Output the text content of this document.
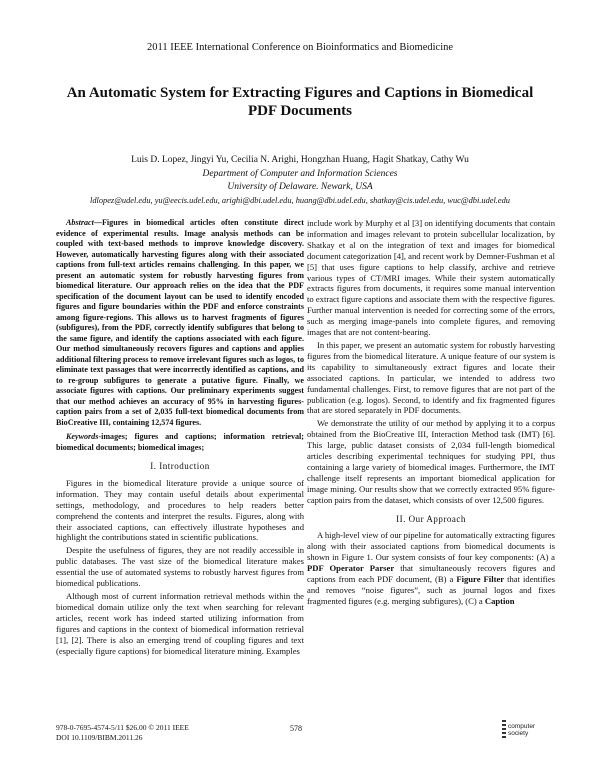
2011 IEEE International Conference on Bioinformatics and Biomedicine
An Automatic System for Extracting Figures and Captions in Biomedical PDF Documents
Luis D. Lopez, Jingyi Yu, Cecilia N. Arighi, Hongzhan Huang, Hagit Shatkay, Cathy Wu
Department of Computer and Information Sciences
University of Delaware. Newark, USA
ldlopez@udel.edu, yu@eecis.udel.edu, arighi@dbi.udel.edu, huang@dbi.udel.edu, shatkay@cis.udel.edu, wuc@dbi.udel.edu

Abstract—Figures in biomedical articles often constitute direct evidence of experimental results. Image analysis methods can be coupled with text-based methods to improve knowledge discovery. However, automatically harvesting figures along with their associated captions from full-text articles remains challenging. In this paper, we present an automatic system for robustly harvesting figures from biomedical literature. Our approach relies on the idea that the PDF specification of the document layout can be used to identify encoded figures and figure boundaries within the PDF and enforce constraints among figure-regions. This allows us to harvest fragments of figures (subfigures), from the PDF, correctly identify subfigures that belong to the same figure, and identify the captions associated with each figure. Our method simultaneously recovers figures and captions and applies additional filtering process to remove irrelevant figures such as logos, to eliminate text passages that were incorrectly identified as captions, and to re-group subfigures to generate a putative figure. Finally, we associate figures with captions. Our preliminary experiments suggest that our method achieves an accuracy of 95% in harvesting figures-caption pairs from a set of 2,035 full-text biomedical documents from BioCreative III, containing 12,574 figures.

Keywords-images; figures and captions; information retrieval; biomedical documents; biomedical images;

I. Introduction

Figures in the biomedical literature provide a unique source of information. They may contain useful details about experimental settings, methodology, and procedures to help readers better comprehend the contents and interpret the results. Figures, along with their associated captions, can effectively illustrate hypotheses and highlight the contributions stated in scientific publications.

Despite the usefulness of figures, they are not readily accessible in public databases. The vast size of the biomedical literature makes essential the use of automated systems to robustly harvest figures from biomedical publications.

Although most of current information retrieval methods within the biomedical domain utilize only the text when searching for relevant articles, recent work has indeed started utilizing information from figures and captions in the context of biomedical information retrieval [1], [2]. There is also an emerging trend of coupling figures and text (especially figure captions) for biomedical literature mining. Examples

include work by Murphy et al [3] on identifying documents that contain information and images relevant to protein subcellular localization, by Shatkay et al on the integration of text and images for biomedical document categorization [4], and recent work by Demner-Fushman et al [5] that uses figure captions to help classify, archive and retrieve various types of CT/MRI images. While their system automatically extracts figures from documents, it requires some manual intervention to extract figure captions and associate them with the respective figures. Further manual intervention is needed for correcting some of the errors, such as merging image-panels into complete figures, and removing images that are not content-bearing.

In this paper, we present an automatic system for robustly harvesting figures from the biomedical literature. A unique feature of our system is its capability to simultaneously extract figures and locate their associated captions. In particular, we intended to address two fundamental challenges. First, to remove figures that are not part of the publication (e.g. logos). Second, to identify and fix fragmented figures that are stored separately in PDF documents.

We demonstrate the utility of our method by applying it to a corpus obtained from the BioCreative III, Interaction Method task (IMT) [6]. This large, public dataset consists of 2,034 full-length biomedical articles describing experimental techniques for studying PPI, thus containing a large variety of biomedical images. Furthermore, the IMT challenge itself represents an important biomedical application for image mining. Our results show that we correctly extracted 95% figure-caption pairs from the dataset, which consists of over 12,500 figures.

II. Our Approach

A high-level view of our pipeline for automatically extracting figures along with their associated captions from biomedical documents is shown in Figure 1. Our system consists of four key components: (A) a PDF Operator Parser that simultaneously recovers figures and captions from each PDF document, (B) a Figure Filter that identifies and removes “noise figures”, such as journal logos and fixes fragmented figures (e.g. merging subfigures), (C) a Caption

978-0-7695-4574-5/11 $26.00 © 2011 IEEE
DOI 10.1109/BIBM.2011.26
578	computer
society
